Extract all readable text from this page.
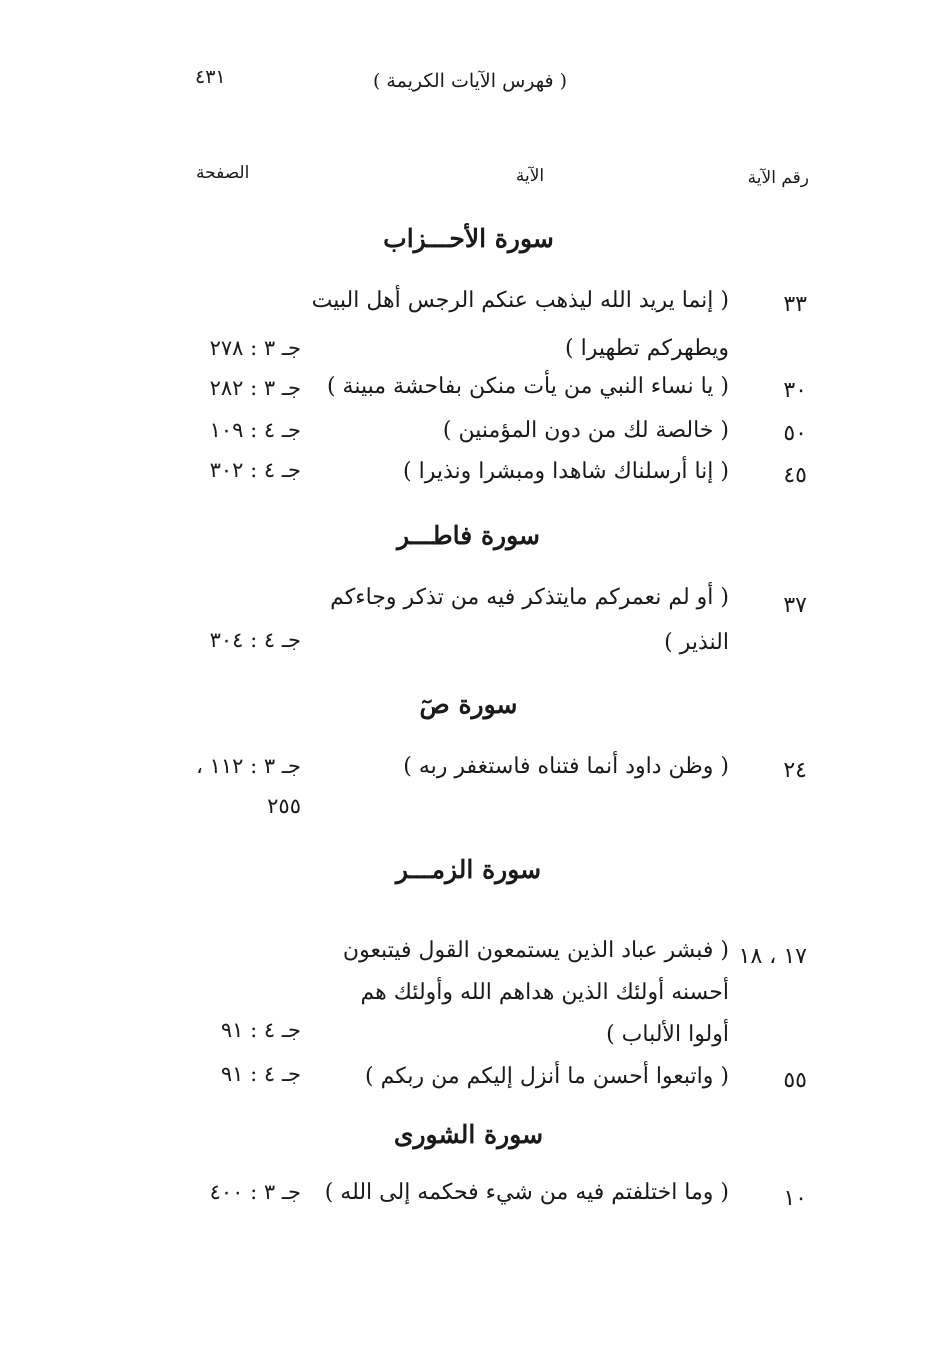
٤٣١	( فهرس الآيات الكريمة )
رقم الآية
الآية
الصفحة
سورة الأحـــزاب
٣٣
( إنما يريد الله ليذهب عنكم الرجس أهل البيت
ويطهركم تطهيرا )
جـ ٣ : ٢٧٨
٣٠
( يا نساء النبي من يأت منكن بفاحشة مبينة )
جـ ٣ : ٢٨٢
٥٠
( خالصة لك من دون المؤمنين )
جـ ٤ : ١٠٩
٤٥
( إنا أرسلناك شاهدا ومبشرا ونذيرا )
جـ ٤ : ٣٠٢
سورة فاطـــر
٣٧
( أو لم نعمركم مايتذكر فيه من تذكر وجاءكم
النذير )
جـ ٤ : ٣٠٤
سورة صٓ
٢٤
( وظن داود أنما فتناه فاستغفر ربه )
جـ ٣ : ١١٢ ،
٢٥٥
سورة الزمـــر
١٧ ، ١٨
( فبشر عباد الذين يستمعون القول فيتبعون
أحسنه أولئك الذين هداهم الله وأولئك هم
أولوا الألباب )
جـ ٤ : ٩١
٥٥
( واتبعوا أحسن ما أنزل إليكم من ربكم )
جـ ٤ : ٩١
سورة الشورى
١٠
( وما اختلفتم فيه من شيء فحكمه إلى الله )
جـ ٣ : ٤٠٠
